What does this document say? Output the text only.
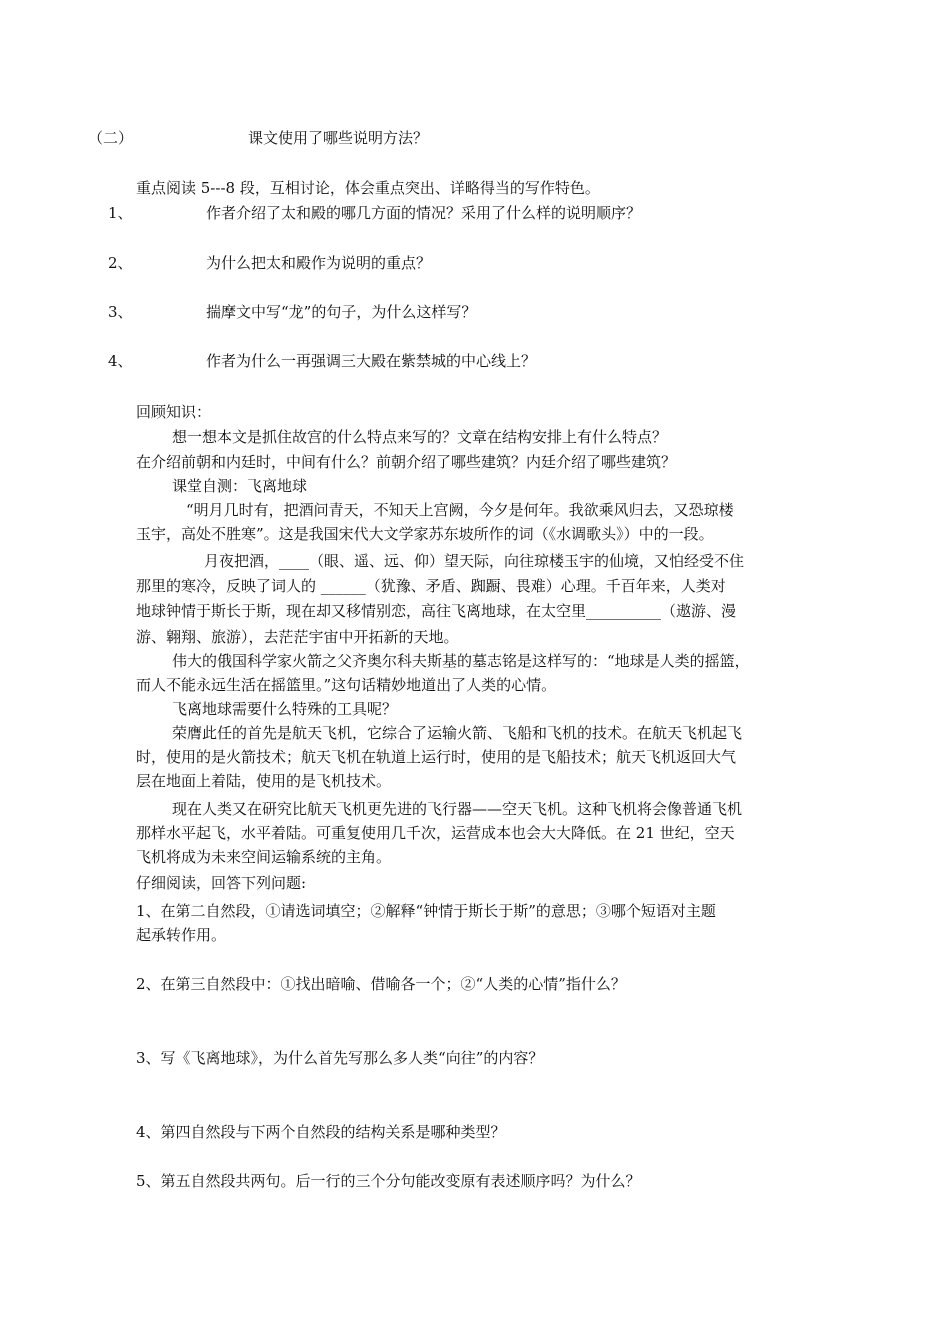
（二）	课文使用了哪些说明方法？

重点阅读 5---8 段，互相讨论，体会重点突出、详略得当的写作特色。

1、	作者介绍了太和殿的哪几方面的情况？采用了什么样的说明顺序？
2、	为什么把太和殿作为说明的重点？
3、	揣摩文中写“龙”的句子，为什么这样写？
4、	作者为什么一再强调三大殿在紫禁城的中心线上？

回顾知识：

想一想本文是抓住故宫的什么特点来写的？文章在结构安排上有什么特点？

在介绍前朝和内廷时，中间有什么？前朝介绍了哪些建筑？内廷介绍了哪些建筑？

课堂自测：飞离地球

“明月几时有，把酒问青天，不知天上宫阙，今夕是何年。我欲乘风归去，又恐琼楼

玉宇，高处不胜寒”。这是我国宋代大文学家苏东坡所作的词（《水调歌头》）中的一段。

月夜把酒，____（眼、遥、远、仰）望天际，向往琼楼玉宇的仙境，又怕经受不住

那里的寒冷，反映了词人的 ______（犹豫、矛盾、踟蹰、畏难）心理。千百年来，人类对

地球钟情于斯长于斯，现在却又移情别恋，高往飞离地球，在太空里__________（遨游、漫

游、翱翔、旅游），去茫茫宇宙中开拓新的天地。

伟大的俄国科学家火箭之父齐奥尔科夫斯基的墓志铭是这样写的：“地球是人类的摇篮，

而人不能永远生活在摇篮里。”这句话精妙地道出了人类的心情。

飞离地球需要什么特殊的工具呢？

荣膺此任的首先是航天飞机，它综合了运输火箭、飞船和飞机的技术。在航天飞机起飞

时，使用的是火箭技术；航天飞机在轨道上运行时，使用的是飞船技术；航天飞机返回大气

层在地面上着陆，使用的是飞机技术。

现在人类又在研究比航天飞机更先进的飞行器——空天飞机。这种飞机将会像普通飞机

那样水平起飞，水平着陆。可重复使用几千次，运营成本也会大大降低。在 21 世纪，空天

飞机将成为未来空间运输系统的主角。

仔细阅读，回答下列问题:

1、在第二自然段，①请选词填空；②解释“钟情于斯长于斯”的意思；③哪个短语对主题

起承转作用。

2、在第三自然段中：①找出暗喻、借喻各一个；②“人类的心情”指什么？

3、写《飞离地球》，为什么首先写那么多人类“向往”的内容？

4、第四自然段与下两个自然段的结构关系是哪种类型？

5、第五自然段共两句。后一行的三个分句能改变原有表述顺序吗？为什么？
